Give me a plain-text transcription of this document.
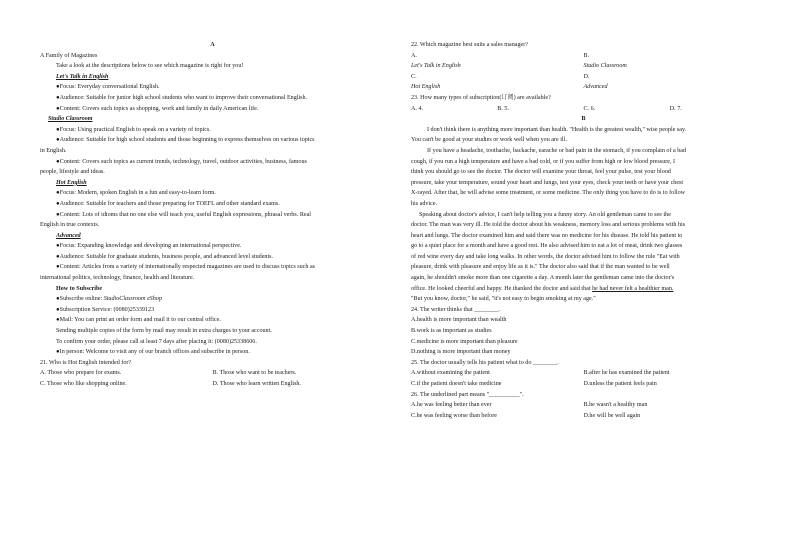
A
A Family of Magazines
Take a look at the descriptions below to see which magazine is right for you!
Let's Talk in English
●Focus: Everyday conversational English.
●Audience: Suitable for junior high school students who want to improve their conversational English.
●Content: Covers such topics as shopping, work and family in daily American life.
Studio Classroom
●Focus: Using practical English to speak on a variety of topics.
●Audience: Suitable for high school students and those beginning to express themselves on various topics
in English.
●Content: Covers such topics as current trends, technology, travel, outdoor activities, business, famous
people, lifestyle and ideas.
Hot English
●Focus: Modern, spoken English in a fun and easy-to-learn form.
●Audience: Suitable for teachers and those preparing for TOEFL and other standard exams.
●Content: Lots of idioms that no one else will teach you, useful English expressions, phrasal verbs. Real
English in true contexts.
Advanced
●Focus: Expanding knowledge and developing an international perspective.
●Audience: Suitable for graduate students, business people, and advanced level students.
●Content: Articles from a variety of internationally respected magazines are used to discuss topics such as
international politics, technology, finance, health and literature.
How to Subscribe
●Subscribe online: StudioClassroom eShop
●Subscription Service: (0080)25339123
●Mail: You can print an order form and mail it to our central office.
Sending multiple copies of the form by mail may result in extra charges to your account.
To confirm your order, please call at least 7 days after placing it: (0080)25338606.
●In person: Welcome to visit any of our branch offices and subscribe in person.
21. Who is Hot English intended for?
A. Those who prepare for exams.	B. Those who want to be teachers.
C. Those who like shopping online.	D. Those who learn written English.
22. Which magazine best suits a sales manager?
A.
Let's Talk in English
B.
Studio Classroom
C.
Hot English
D.
Advanced
23. How many types of subscription(订阅) are available?
A. 4.	B. 5.	C. 6.	D. 7.
B
I don't think there is anything more important than health. "Health is the greatest wealth," wise people say.
You can't be good at your studies or work well when you are ill.
If you have a headache, toothache, backache, earache or bad pain in the stomach, if you complain of a bad
cough, if you run a high temperature and have a bad cold, or if you suffer from high or low blood pressure, I
think you should go to see the doctor. The doctor will examine your throat, feel your pulse, test your blood
pressure, take your temperature, sound your heart and lungs, test your eyes, check your teeth or have your chest
X-rayed. After that, he will advise some treatment, or some medicine. The only thing you have to do is to follow
his advice.
Speaking about doctor's advice, I can't help telling you a funny story. An old gentleman came to see the
doctor. The man was very ill. He told the doctor about his weakness, memory loss and serious problems with his
heart and lungs. The doctor examined him and said there was no medicine for his disease. He told his patient to
go to a quiet place for a month and have a good rest. He also advised him to eat a lot of meat, drink two glasses
of red wine every day and take long walks. In other words, the doctor advised him to follow the rule "Eat with
pleasure, drink with pleasure and enjoy life as it is." The doctor also said that if the man wanted to be well
again, he shouldn't smoke more than one cigarette a day. A month later the gentleman came into the doctor's
office. He looked cheerful and happy. He thanked the doctor and said that he had never felt a healthier man.
"But you know, doctor," he said, "it's not easy to begin smoking at my age."
24. The writer thinks that ________.
A.health is more important than wealth
B.work is as important as studies
C.medicine is more important than pleasure
D.nothing is more important than money
25. The doctor usually tells his patient what to do ________.
A.without examining the patient	B.after he has examined the patient
C.if the patient doesn't take medicine	D.unless the patient feels pain
26. The underlined part means "__________".
A.he was feeling better than ever	B.he wasn't a healthy man
C.he was feeling worse than before	D.he will be well again
